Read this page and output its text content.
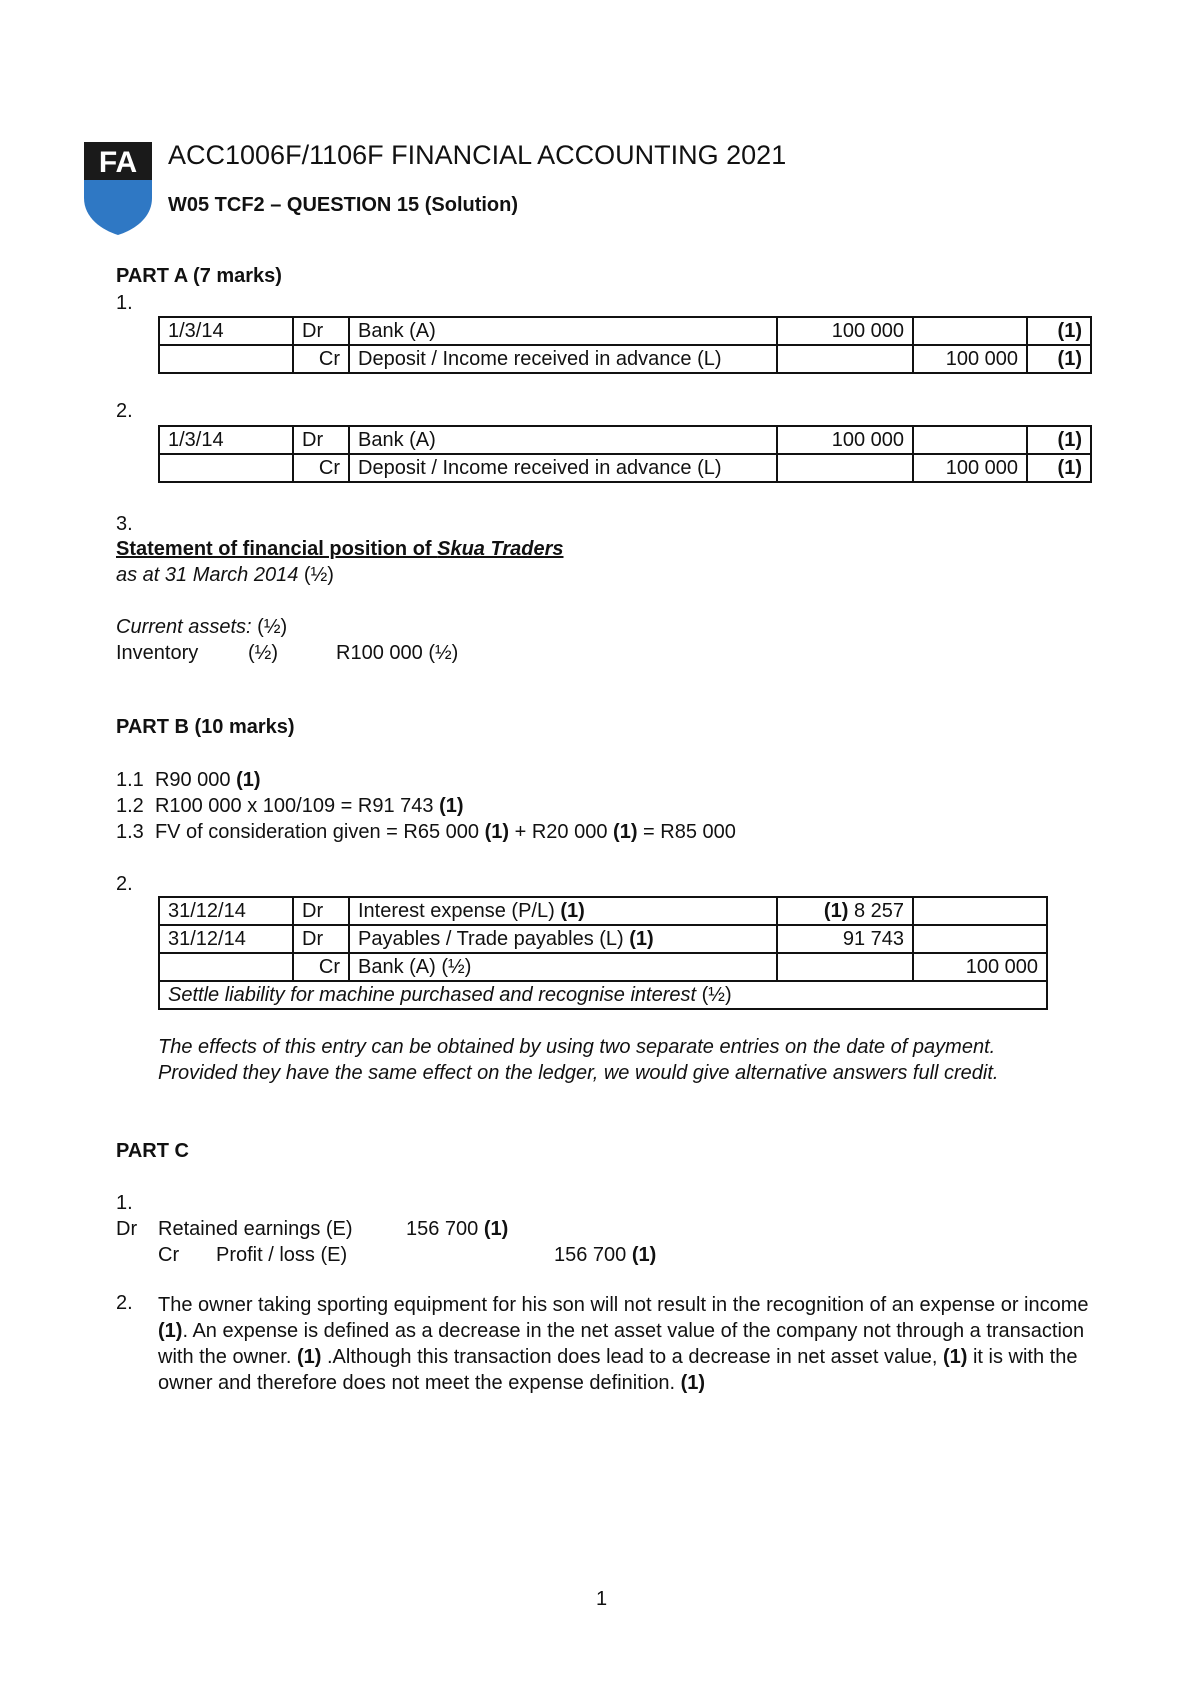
FA ACC1006F/1106F FINANCIAL ACCOUNTING 2021
W05 TCF2 – QUESTION 15 (Solution)
PART A (7 marks)
1.
1/3/14	Dr	Bank (A)	100 000		(1)
	Cr	Deposit / Income received in advance (L)		100 000	(1)
2.
1/3/14	Dr	Bank (A)	100 000		(1)
	Cr	Deposit / Income received in advance (L)		100 000	(1)
3.
Statement of financial position of Skua Traders
as at 31 March 2014 (½)
Current assets: (½)
Inventory (½)	R100 000 (½)
PART B (10 marks)
1.1 R90 000 (1)
1.2 R100 000 x 100/109 = R91 743 (1)
1.3 FV of consideration given = R65 000 (1) + R20 000 (1) = R85 000
2.
31/12/14	Dr	Interest expense (P/L) (1)	(1) 8 257	
31/12/14	Dr	Payables / Trade payables (L) (1)	91 743	
	Cr	Bank (A) (½)		100 000
Settle liability for machine purchased and recognise interest (½)				
The effects of this entry can be obtained by using two separate entries on the date of payment.
Provided they have the same effect on the ledger, we would give alternative answers full credit.
PART C
1.
Dr Retained earnings (E)	156 700 (1)
Cr Profit / loss (E)	156 700 (1)
2. The owner taking sporting equipment for his son will not result in the recognition of an expense or income (1). An expense is defined as a decrease in the net asset value of the company not through a transaction with the owner. (1) .Although this transaction does lead to a decrease in net asset value, (1) it is with the owner and therefore does not meet the expense definition. (1)
1
